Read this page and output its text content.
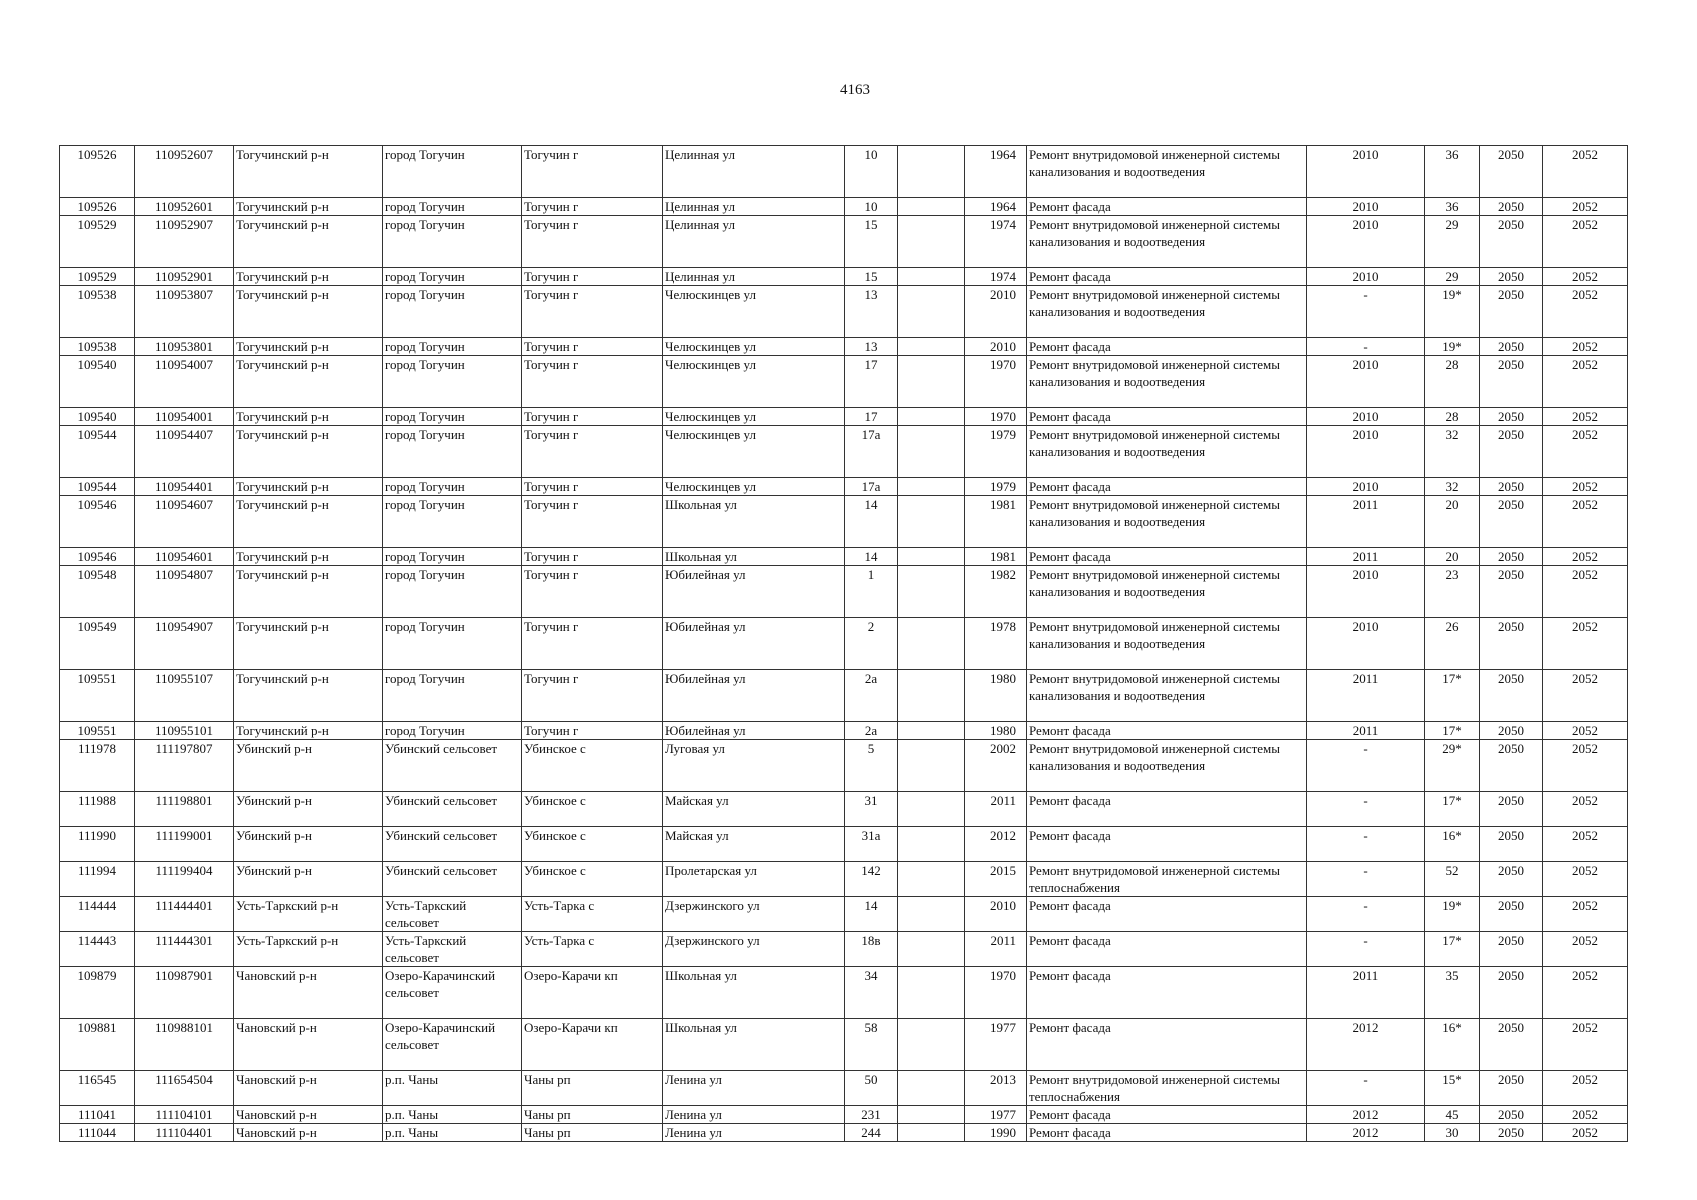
4163
109526	110952607	Тогучинский р-н	город Тогучин	Тогучин г	Целинная ул	10		1964	Ремонт внутридомовой инженерной системы канализования и водоотведения	2010	36	2050	2052
109526	110952601	Тогучинский р-н	город Тогучин	Тогучин г	Целинная ул	10		1964	Ремонт фасада	2010	36	2050	2052
109529	110952907	Тогучинский р-н	город Тогучин	Тогучин г	Целинная ул	15		1974	Ремонт внутридомовой инженерной системы канализования и водоотведения	2010	29	2050	2052
109529	110952901	Тогучинский р-н	город Тогучин	Тогучин г	Целинная ул	15		1974	Ремонт фасада	2010	29	2050	2052
109538	110953807	Тогучинский р-н	город Тогучин	Тогучин г	Челюскинцев ул	13		2010	Ремонт внутридомовой инженерной системы канализования и водоотведения	-	19*	2050	2052
109538	110953801	Тогучинский р-н	город Тогучин	Тогучин г	Челюскинцев ул	13		2010	Ремонт фасада	-	19*	2050	2052
109540	110954007	Тогучинский р-н	город Тогучин	Тогучин г	Челюскинцев ул	17		1970	Ремонт внутридомовой инженерной системы канализования и водоотведения	2010	28	2050	2052
109540	110954001	Тогучинский р-н	город Тогучин	Тогучин г	Челюскинцев ул	17		1970	Ремонт фасада	2010	28	2050	2052
109544	110954407	Тогучинский р-н	город Тогучин	Тогучин г	Челюскинцев ул	17а		1979	Ремонт внутридомовой инженерной системы канализования и водоотведения	2010	32	2050	2052
109544	110954401	Тогучинский р-н	город Тогучин	Тогучин г	Челюскинцев ул	17а		1979	Ремонт фасада	2010	32	2050	2052
109546	110954607	Тогучинский р-н	город Тогучин	Тогучин г	Школьная ул	14		1981	Ремонт внутридомовой инженерной системы канализования и водоотведения	2011	20	2050	2052
109546	110954601	Тогучинский р-н	город Тогучин	Тогучин г	Школьная ул	14		1981	Ремонт фасада	2011	20	2050	2052
109548	110954807	Тогучинский р-н	город Тогучин	Тогучин г	Юбилейная ул	1		1982	Ремонт внутридомовой инженерной системы канализования и водоотведения	2010	23	2050	2052
109549	110954907	Тогучинский р-н	город Тогучин	Тогучин г	Юбилейная ул	2		1978	Ремонт внутридомовой инженерной системы канализования и водоотведения	2010	26	2050	2052
109551	110955107	Тогучинский р-н	город Тогучин	Тогучин г	Юбилейная ул	2а		1980	Ремонт внутридомовой инженерной системы канализования и водоотведения	2011	17*	2050	2052
109551	110955101	Тогучинский р-н	город Тогучин	Тогучин г	Юбилейная ул	2а		1980	Ремонт фасада	2011	17*	2050	2052
111978	111197807	Убинский р-н	Убинский сельсовет	Убинское с	Луговая ул	5		2002	Ремонт внутридомовой инженерной системы канализования и водоотведения	-	29*	2050	2052
111988	111198801	Убинский р-н	Убинский сельсовет	Убинское с	Майская ул	31		2011	Ремонт фасада	-	17*	2050	2052
111990	111199001	Убинский р-н	Убинский сельсовет	Убинское с	Майская ул	31а		2012	Ремонт фасада	-	16*	2050	2052
111994	111199404	Убинский р-н	Убинский сельсовет	Убинское с	Пролетарская ул	142		2015	Ремонт внутридомовой инженерной системы теплоснабжения	-	52	2050	2052
114444	111444401	Усть-Таркский р-н	Усть-Таркский сельсовет	Усть-Тарка с	Дзержинского ул	14		2010	Ремонт фасада	-	19*	2050	2052
114443	111444301	Усть-Таркский р-н	Усть-Таркский сельсовет	Усть-Тарка с	Дзержинского ул	18в		2011	Ремонт фасада	-	17*	2050	2052
109879	110987901	Чановский р-н	Озеро-Карачинский сельсовет	Озеро-Карачи кп	Школьная ул	34		1970	Ремонт фасада	2011	35	2050	2052
109881	110988101	Чановский р-н	Озеро-Карачинский сельсовет	Озеро-Карачи кп	Школьная ул	58		1977	Ремонт фасада	2012	16*	2050	2052
116545	111654504	Чановский р-н	р.п. Чаны	Чаны рп	Ленина ул	50		2013	Ремонт внутридомовой инженерной системы теплоснабжения	-	15*	2050	2052
111041	111104101	Чановский р-н	р.п. Чаны	Чаны рп	Ленина ул	231		1977	Ремонт фасада	2012	45	2050	2052
111044	111104401	Чановский р-н	р.п. Чаны	Чаны рп	Ленина ул	244		1990	Ремонт фасада	2012	30	2050	2052
